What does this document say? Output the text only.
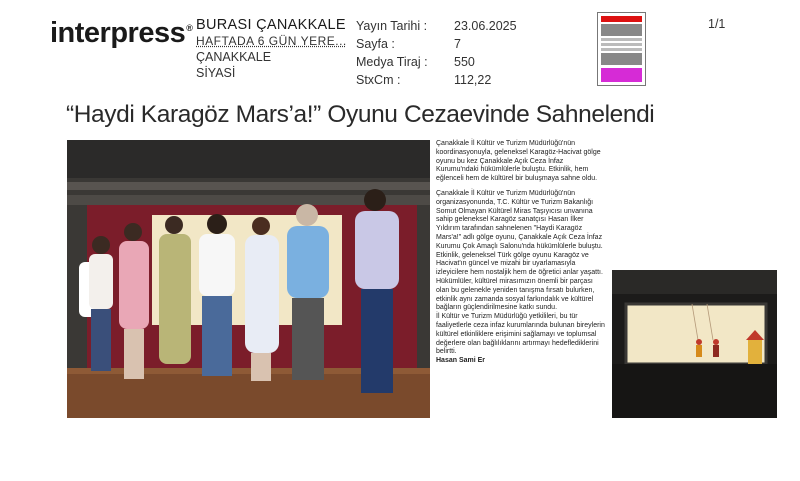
interpress® BURASI ÇANAKKALE
HAFTADA 6 GÜN YERE...
ÇANAKKALE
SİYASİ
Yayın Tarihi :	23.06.2025
Sayfa :	7
Medya Tiraj :	550
StxCm :	112,22
1/1
“Haydi Karagöz Mars’a!” Oyunu Cezaevinde Sahnelendi

Çanakkale İl Kültür ve Turizm Müdürlüğü'nün koordinasyonuyla, geleneksel Karagöz-Hacivat gölge oyunu bu kez Çanakkale Açık Ceza İnfaz Kurumu'ndaki hükümlülerle buluştu. Etkinlik, hem eğlenceli hem de kültürel bir buluşmaya sahne oldu.

Çanakkale İl Kültür ve Turizm Müdürlüğü'nün organizasyonunda, T.C. Kültür ve Turizm Bakanlığı Somut Olmayan Kültürel Miras Taşıyıcısı unvanına sahip geleneksel Karagöz sanatçısı Hasan İlker Yıldırım tarafından sahnelenen "Haydi Karagöz Mars'a!" adlı gölge oyunu, Çanakkale Açık Ceza İnfaz Kurumu Çok Amaçlı Salonu'nda hükümlülerle buluştu. Etkinlik, geleneksel Türk gölge oyunu Karagöz ve Hacivat'ın güncel ve mizahi bir uyarlamasıyla izleyicilere hem nostaljik hem de öğretici anlar yaşattı. Hükümlüler, kültürel mirasımızın önemli bir parçası olan bu gelenekle yeniden tanışma fırsatı bulurken, etkinlik aynı zamanda sosyal farkındalık ve kültürel bağların güçlendirilmesine katkı sundu.

İl Kültür ve Turizm Müdürlüğü yetkilileri, bu tür faaliyetlerle ceza infaz kurumlarında bulunan bireylerin kültürel etkinliklere erişimini sağlamayı ve toplumsal değerlere olan bağlılıklarını artırmayı hedeflediklerini belirtti.

Hasan Sami Er
